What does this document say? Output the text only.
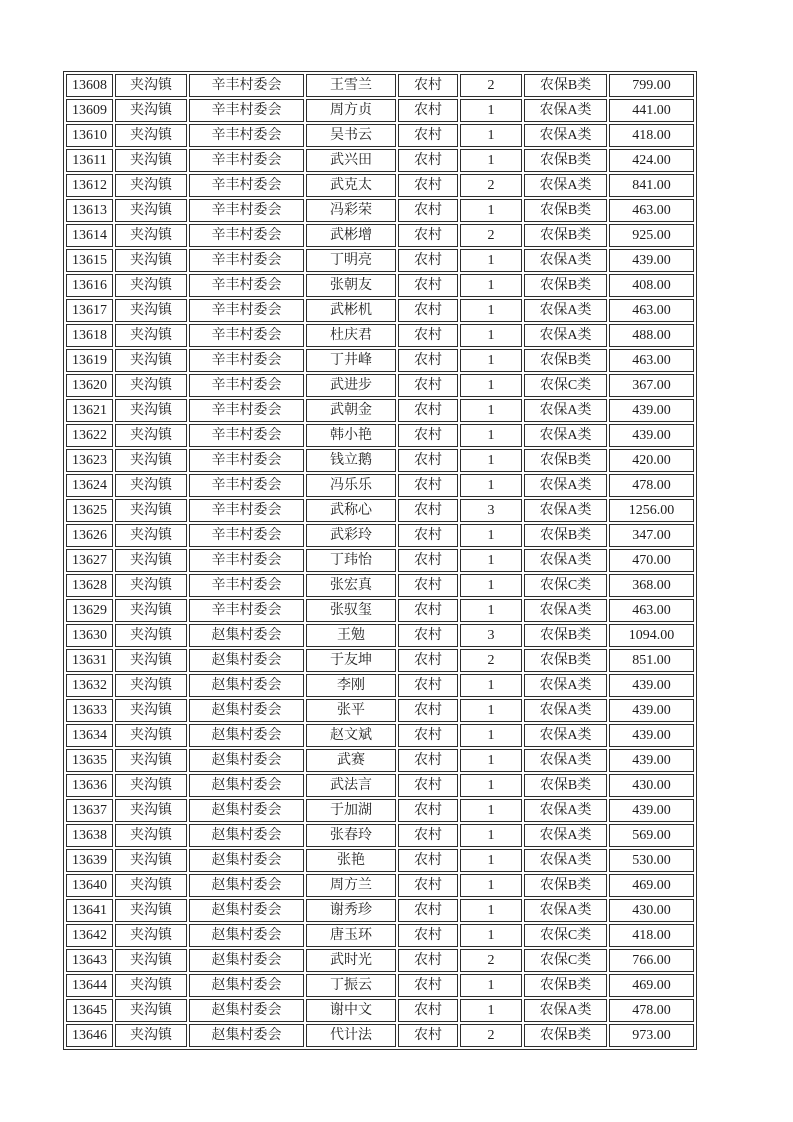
13608	夹沟镇	辛丰村委会	王雪兰	农村	2	农保B类	799.00
13609	夹沟镇	辛丰村委会	周方贞	农村	1	农保A类	441.00
13610	夹沟镇	辛丰村委会	吴书云	农村	1	农保A类	418.00
13611	夹沟镇	辛丰村委会	武兴田	农村	1	农保B类	424.00
13612	夹沟镇	辛丰村委会	武克太	农村	2	农保A类	841.00
13613	夹沟镇	辛丰村委会	冯彩荣	农村	1	农保B类	463.00
13614	夹沟镇	辛丰村委会	武彬增	农村	2	农保B类	925.00
13615	夹沟镇	辛丰村委会	丁明亮	农村	1	农保A类	439.00
13616	夹沟镇	辛丰村委会	张朝友	农村	1	农保B类	408.00
13617	夹沟镇	辛丰村委会	武彬机	农村	1	农保A类	463.00
13618	夹沟镇	辛丰村委会	杜庆君	农村	1	农保A类	488.00
13619	夹沟镇	辛丰村委会	丁井峰	农村	1	农保B类	463.00
13620	夹沟镇	辛丰村委会	武进步	农村	1	农保C类	367.00
13621	夹沟镇	辛丰村委会	武朝金	农村	1	农保A类	439.00
13622	夹沟镇	辛丰村委会	韩小艳	农村	1	农保A类	439.00
13623	夹沟镇	辛丰村委会	钱立鹅	农村	1	农保B类	420.00
13624	夹沟镇	辛丰村委会	冯乐乐	农村	1	农保A类	478.00
13625	夹沟镇	辛丰村委会	武称心	农村	3	农保A类	1256.00
13626	夹沟镇	辛丰村委会	武彩玲	农村	1	农保B类	347.00
13627	夹沟镇	辛丰村委会	丁玮怡	农村	1	农保A类	470.00
13628	夹沟镇	辛丰村委会	张宏真	农村	1	农保C类	368.00
13629	夹沟镇	辛丰村委会	张驭玺	农村	1	农保A类	463.00
13630	夹沟镇	赵集村委会	王勉	农村	3	农保B类	1094.00
13631	夹沟镇	赵集村委会	于友坤	农村	2	农保B类	851.00
13632	夹沟镇	赵集村委会	李刚	农村	1	农保A类	439.00
13633	夹沟镇	赵集村委会	张平	农村	1	农保A类	439.00
13634	夹沟镇	赵集村委会	赵文斌	农村	1	农保A类	439.00
13635	夹沟镇	赵集村委会	武赛	农村	1	农保A类	439.00
13636	夹沟镇	赵集村委会	武法言	农村	1	农保B类	430.00
13637	夹沟镇	赵集村委会	于加湖	农村	1	农保A类	439.00
13638	夹沟镇	赵集村委会	张春玲	农村	1	农保A类	569.00
13639	夹沟镇	赵集村委会	张艳	农村	1	农保A类	530.00
13640	夹沟镇	赵集村委会	周方兰	农村	1	农保B类	469.00
13641	夹沟镇	赵集村委会	谢秀珍	农村	1	农保A类	430.00
13642	夹沟镇	赵集村委会	唐玉环	农村	1	农保C类	418.00
13643	夹沟镇	赵集村委会	武时光	农村	2	农保C类	766.00
13644	夹沟镇	赵集村委会	丁振云	农村	1	农保B类	469.00
13645	夹沟镇	赵集村委会	谢中文	农村	1	农保A类	478.00
13646	夹沟镇	赵集村委会	代计法	农村	2	农保B类	973.00
